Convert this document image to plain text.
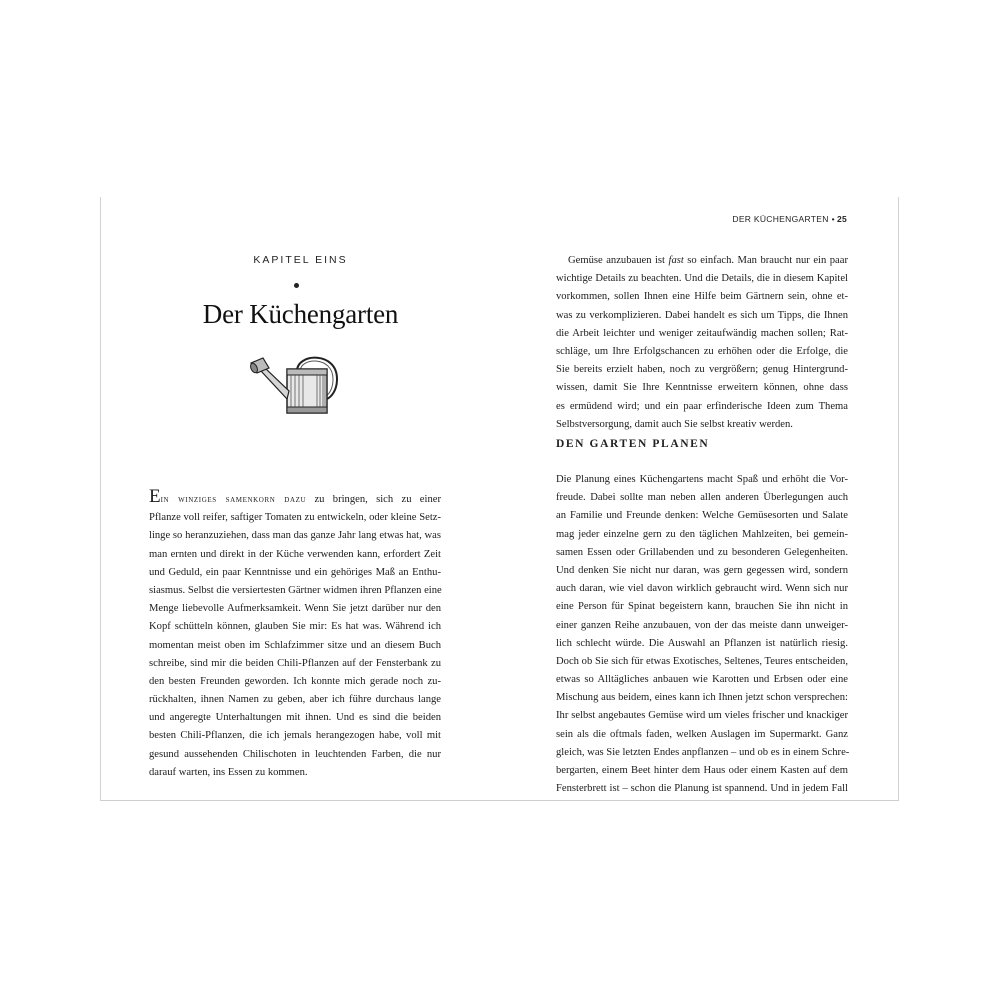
KAPITEL EINS
Der Küchengarten
Ein winziges samenkorn dazu zu bringen, sich zu einer
Pflanze voll reifer, saftiger Tomaten zu entwickeln, oder kleine Setz-
linge so heranzuziehen, dass man das ganze Jahr lang etwas hat, was
man ernten und direkt in der Küche verwenden kann, erfordert Zeit
und Geduld, ein paar Kenntnisse und ein gehöriges Maß an Enthu-
siasmus. Selbst die versiertesten Gärtner widmen ihren Pflanzen eine
Menge liebevolle Aufmerksamkeit. Wenn Sie jetzt darüber nur den
Kopf schütteln können, glauben Sie mir: Es hat was. Während ich
momentan meist oben im Schlafzimmer sitze und an diesem Buch
schreibe, sind mir die beiden Chili-Pflanzen auf der Fensterbank zu
den besten Freunden geworden. Ich konnte mich gerade noch zu-
rückhalten, ihnen Namen zu geben, aber ich führe durchaus lange
und angeregte Unterhaltungen mit ihnen. Und es sind die beiden
besten Chili-Pflanzen, die ich jemals herangezogen habe, voll mit
gesund aussehenden Chilischoten in leuchtenden Farben, die nur
darauf warten, ins Essen zu kommen.
DER KÜCHENGARTEN • 25
Gemüse anzubauen ist fast so einfach. Man braucht nur ein paar
wichtige Details zu beachten. Und die Details, die in diesem Kapitel
vorkommen, sollen Ihnen eine Hilfe beim Gärtnern sein, ohne et-
was zu verkomplizieren. Dabei handelt es sich um Tipps, die Ihnen
die Arbeit leichter und weniger zeitaufwändig machen sollen; Rat-
schläge, um Ihre Erfolgschancen zu erhöhen oder die Erfolge, die
Sie bereits erzielt haben, noch zu vergrößern; genug Hintergrund-
wissen, damit Sie Ihre Kenntnisse erweitern können, ohne dass
es ermüdend wird; und ein paar erfinderische Ideen zum Thema
Selbstversorgung, damit auch Sie selbst kreativ werden.
DEN GARTEN PLANEN
Die Planung eines Küchengartens macht Spaß und erhöht die Vor-
freude. Dabei sollte man neben allen anderen Überlegungen auch
an Familie und Freunde denken: Welche Gemüsesorten und Salate
mag jeder einzelne gern zu den täglichen Mahlzeiten, bei gemein-
samen Essen oder Grillabenden und zu besonderen Gelegenheiten.
Und denken Sie nicht nur daran, was gern gegessen wird, sondern
auch daran, wie viel davon wirklich gebraucht wird. Wenn sich nur
eine Person für Spinat begeistern kann, brauchen Sie ihn nicht in
einer ganzen Reihe anzubauen, von der das meiste dann unweiger-
lich schlecht würde. Die Auswahl an Pflanzen ist natürlich riesig.
Doch ob Sie sich für etwas Exotisches, Seltenes, Teures entscheiden,
etwas so Alltägliches anbauen wie Karotten und Erbsen oder eine
Mischung aus beidem, eines kann ich Ihnen jetzt schon versprechen:
Ihr selbst angebautes Gemüse wird um vieles frischer und knackiger
sein als die oftmals faden, welken Auslagen im Supermarkt. Ganz
gleich, was Sie letzten Endes anpflanzen – und ob es in einem Schre-
bergarten, einem Beet hinter dem Haus oder einem Kasten auf dem
Fensterbrett ist – schon die Planung ist spannend. Und in jedem Fall
